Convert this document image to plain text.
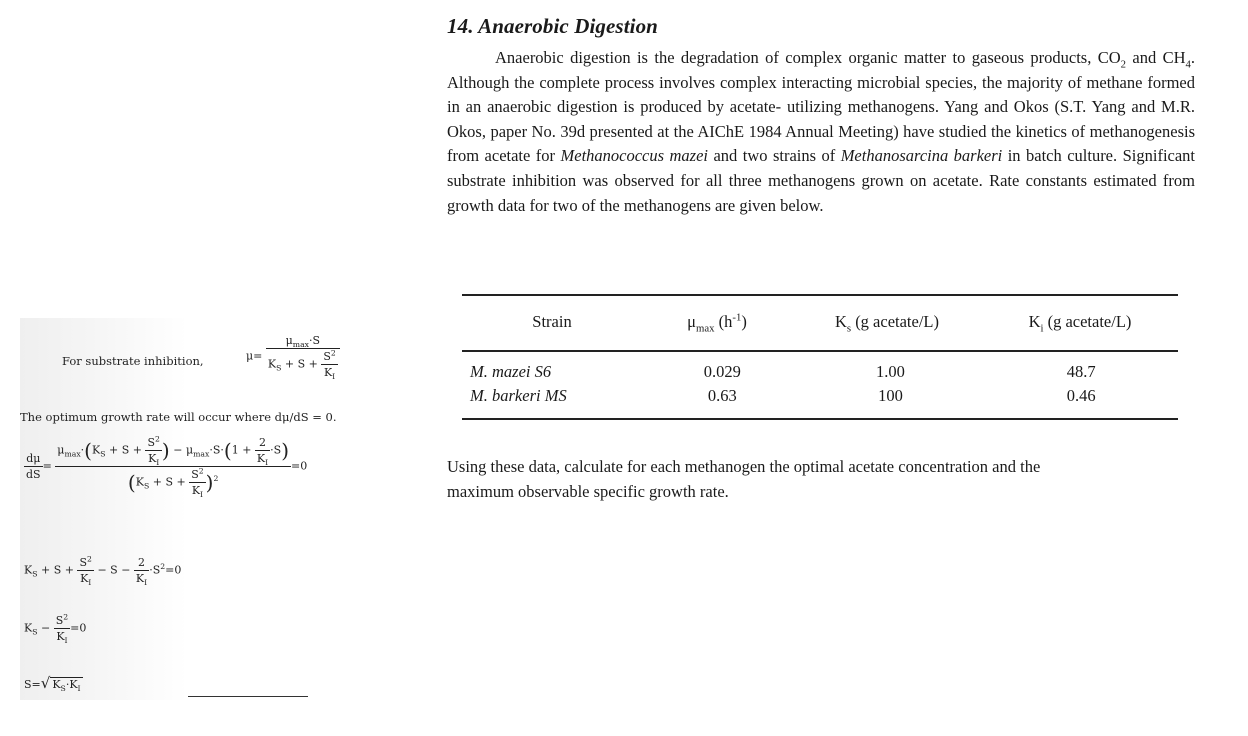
14. Anaerobic Digestion

Anaerobic digestion is the degradation of complex organic matter to gaseous products, $CO_2$ and $CH_4$. Although the complete process involves complex interacting microbial species, the majority of methane formed in an anaerobic digestion is produced by acetate- utilizing methanogens. Yang and Okos (S.T. Yang and M.R. Okos, paper No. 39d presented at the AIChE 1984 Annual Meeting) have studied the kinetics of methanogenesis from acetate for Methanococcus mazei and two strains of Methanosarcina barkeri in batch culture. Significant substrate inhibition was observed for all three methanogens grown on acetate. Rate constants estimated from growth data for two of the methanogens are given below.

Strain	$\mu_{max}$ $(h^{-1})$	$K_s$ (g acetate/L)	$K_i$ (g acetate/L)
M. mazei S6	0.029	1.00	48.7
M. barkeri MS	0.63	100	0.46

Using these data, calculate for each methanogen the optimal acetate concentration and the
maximum observable specific growth rate.

For substrate inhibition,	$\mu= \frac{\mu_{max}\cdot S}{K_S + S + \frac{S^2}{K_I}}$
The optimum growth rate will occur where dμ/dS = 0.
$\frac{d\mu}{dS}$ =
$\mu_{max}\cdot(K_S + S + \frac{S^2}{K_I}$ ) − $\mu_{max}\cdot S\cdot(1 + \frac{2}{K_I} \cdot S)$
$(K_S + S + \frac{S^2}{K_I} )^2$
=0
$K_S + S + \frac{S^2}{K_I} - S - \frac{2}{K_I} \cdot S^2=0$
$K_S - \frac{S^2}{K_I} =0$
S=√ $K_S\cdot K_I$
